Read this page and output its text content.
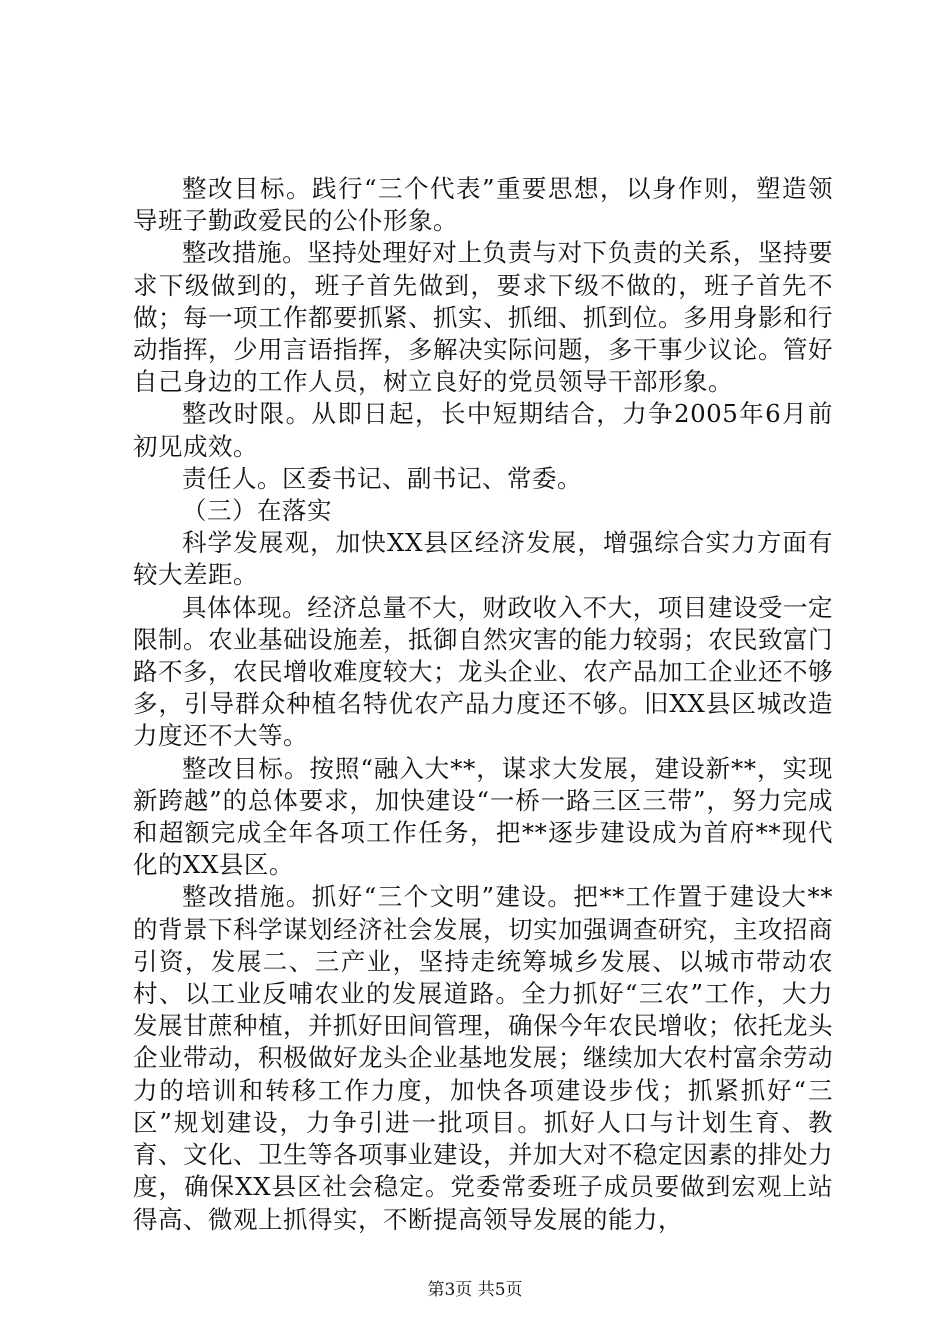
整改目标。践行“三个代表”重要思想，以身作则，塑造领导班子勤政爱民的公仆形象。

整改措施。坚持处理好对上负责与对下负责的关系，坚持要求下级做到的，班子首先做到，要求下级不做的，班子首先不做；每一项工作都要抓紧、抓实、抓细、抓到位。多用身影和行动指挥，少用言语指挥，多解决实际问题，多干事少议论。管好自己身边的工作人员，树立良好的党员领导干部形象。

整改时限。从即日起，长中短期结合，力争2005年6月前初见成效。

责任人。区委书记、副书记、常委。

（三）在落实

科学发展观，加快XX县区经济发展，增强综合实力方面有较大差距。

具体体现。经济总量不大，财政收入不大，项目建设受一定限制。农业基础设施差，抵御自然灾害的能力较弱；农民致富门路不多，农民增收难度较大；龙头企业、农产品加工企业还不够多，引导群众种植名特优农产品力度还不够。旧XX县区城改造力度还不大等。

整改目标。按照“融入大**，谋求大发展，建设新**，实现新跨越”的总体要求，加快建设“一桥一路三区三带”，努力完成和超额完成全年各项工作任务，把**逐步建设成为首府**现代化的XX县区。

整改措施。抓好“三个文明”建设。把**工作置于建设大**的背景下科学谋划经济社会发展，切实加强调查研究，主攻招商引资，发展二、三产业，坚持走统筹城乡发展、以城市带动农村、以工业反哺农业的发展道路。全力抓好“三农”工作，大力发展甘蔗种植，并抓好田间管理，确保今年农民增收；依托龙头企业带动，积极做好龙头企业基地发展；继续加大农村富余劳动力的培训和转移工作力度，加快各项建设步伐；抓紧抓好“三区”规划建设，力争引进一批项目。抓好人口与计划生育、教育、文化、卫生等各项事业建设，并加大对不稳定因素的排处力度，确保XX县区社会稳定。党委常委班子成员要做到宏观上站得高、微观上抓得实，不断提高领导发展的能力，

第3页 共5页
